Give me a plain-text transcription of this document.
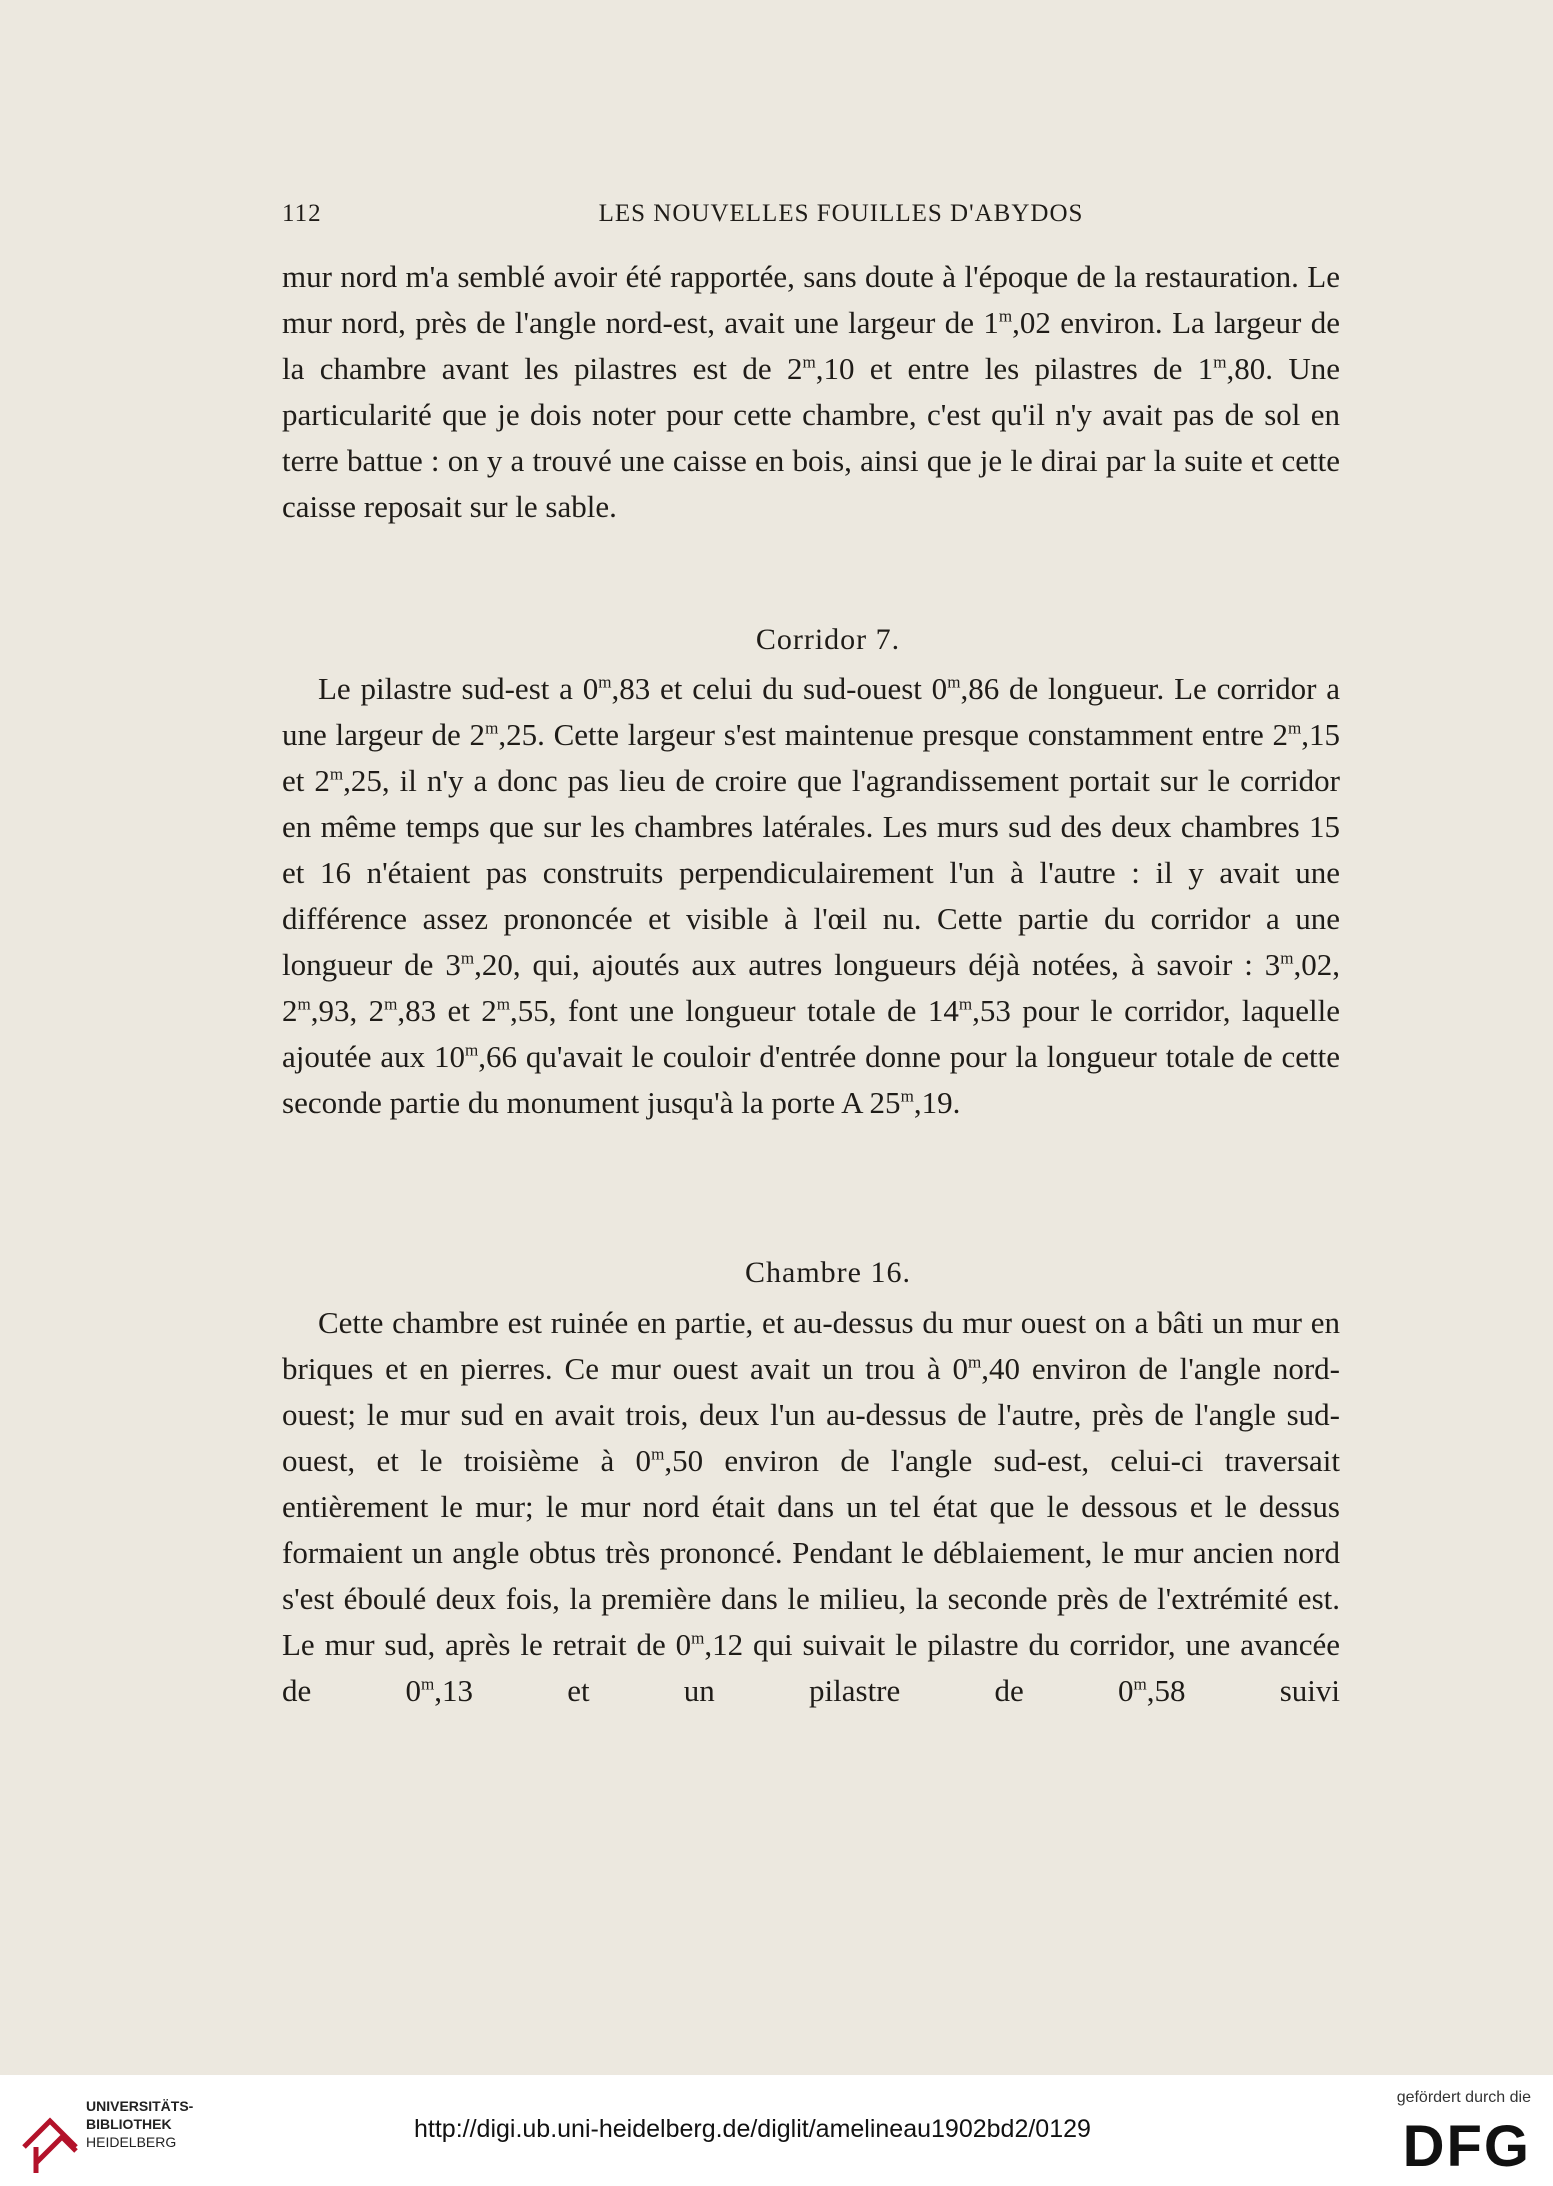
112	LES NOUVELLES FOUILLES D'ABYDOS

mur nord m'a semblé avoir été rapportée, sans doute à l'époque de la restauration. Le mur nord, près de l'angle nord-est, avait une largeur de 1$^m$,02 environ. La largeur de la chambre avant les pilastres est de 2$^m$,10 et entre les pilastres de 1$^m$,80. Une particularité que je dois noter pour cette chambre, c'est qu'il n'y avait pas de sol en terre battue : on y a trouvé une caisse en bois, ainsi que je le dirai par la suite et cette caisse reposait sur le sable.

Corridor 7.

Le pilastre sud-est a 0$^m$,83 et celui du sud-ouest 0$^m$,86 de longueur. Le corridor a une largeur de 2$^m$,25. Cette largeur s'est maintenue presque constamment entre 2$^m$,15 et 2$^m$,25, il n'y a donc pas lieu de croire que l'agrandissement portait sur le corridor en même temps que sur les chambres latérales. Les murs sud des deux chambres 15 et 16 n'étaient pas construits perpendiculairement l'un à l'autre : il y avait une différence assez prononcée et visible à l'œil nu. Cette partie du corridor a une longueur de 3$^m$,20, qui, ajoutés aux autres longueurs déjà notées, à savoir : 3$^m$,02, 2$^m$,93, 2$^m$,83 et 2$^m$,55, font une longueur totale de 14$^m$,53 pour le corridor, laquelle ajoutée aux 10$^m$,66 qu'avait le couloir d'entrée donne pour la longueur totale de cette seconde partie du monument jusqu'à la porte A 25$^m$,19.

Chambre 16.

Cette chambre est ruinée en partie, et au-dessus du mur ouest on a bâti un mur en briques et en pierres. Ce mur ouest avait un trou à 0$^m$,40 environ de l'angle nord-ouest; le mur sud en avait trois, deux l'un au-dessus de l'autre, près de l'angle sud-ouest, et le troisième à 0$^m$,50 environ de l'angle sud-est, celui-ci traversait entièrement le mur; le mur nord était dans un tel état que le dessous et le dessus formaient un angle obtus très prononcé. Pendant le déblaiement, le mur ancien nord s'est éboulé deux fois, la première dans le milieu, la seconde près de l'extrémité est. Le mur sud, après le retrait de 0$^m$,12 qui suivait le pilastre du corridor, une avancée de 0$^m$,13 et un pilastre de 0$^m$,58 suivi

UNIVERSITÄTS-
BIBLIOTHEK
HEIDELBERG	http://digi.ub.uni-heidelberg.de/diglit/amelineau1902bd2/0129
gefördert durch die
DFG
